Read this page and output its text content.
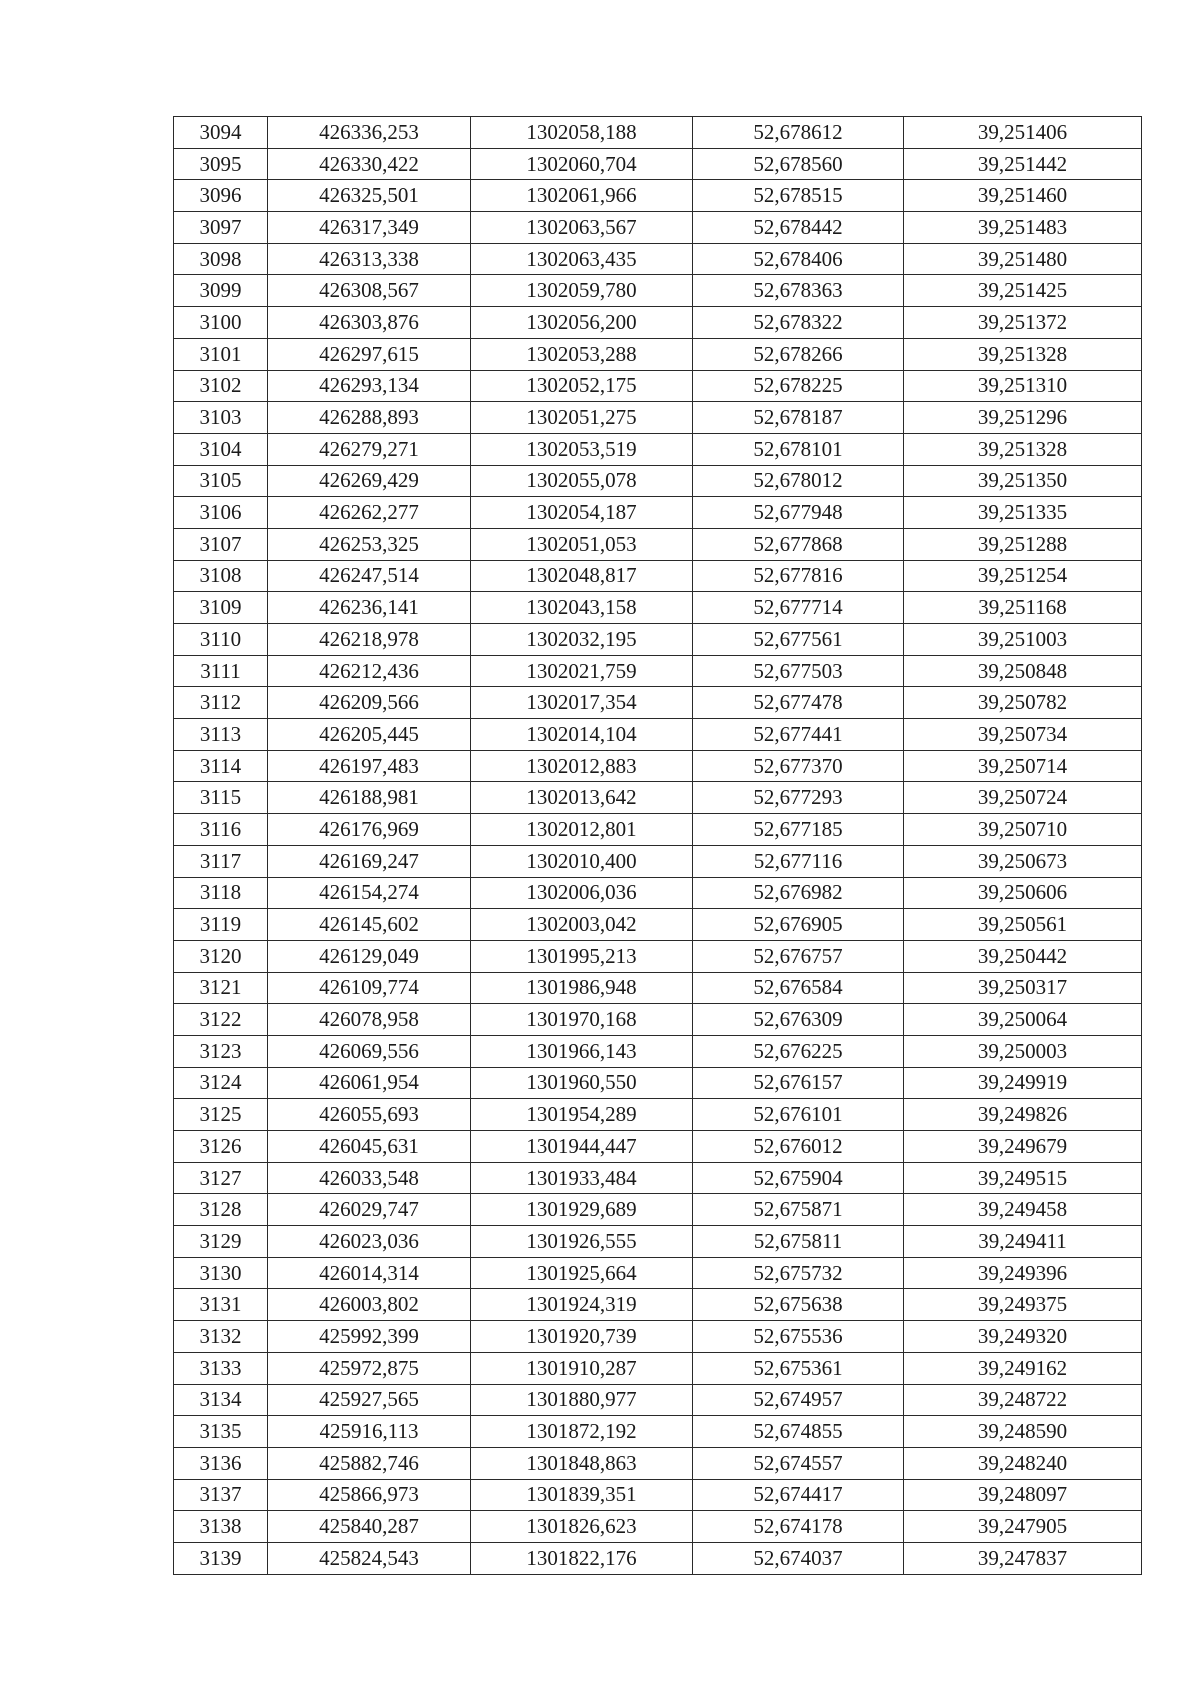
3094	426336,253	1302058,188	52,678612	39,251406
3095	426330,422	1302060,704	52,678560	39,251442
3096	426325,501	1302061,966	52,678515	39,251460
3097	426317,349	1302063,567	52,678442	39,251483
3098	426313,338	1302063,435	52,678406	39,251480
3099	426308,567	1302059,780	52,678363	39,251425
3100	426303,876	1302056,200	52,678322	39,251372
3101	426297,615	1302053,288	52,678266	39,251328
3102	426293,134	1302052,175	52,678225	39,251310
3103	426288,893	1302051,275	52,678187	39,251296
3104	426279,271	1302053,519	52,678101	39,251328
3105	426269,429	1302055,078	52,678012	39,251350
3106	426262,277	1302054,187	52,677948	39,251335
3107	426253,325	1302051,053	52,677868	39,251288
3108	426247,514	1302048,817	52,677816	39,251254
3109	426236,141	1302043,158	52,677714	39,251168
3110	426218,978	1302032,195	52,677561	39,251003
3111	426212,436	1302021,759	52,677503	39,250848
3112	426209,566	1302017,354	52,677478	39,250782
3113	426205,445	1302014,104	52,677441	39,250734
3114	426197,483	1302012,883	52,677370	39,250714
3115	426188,981	1302013,642	52,677293	39,250724
3116	426176,969	1302012,801	52,677185	39,250710
3117	426169,247	1302010,400	52,677116	39,250673
3118	426154,274	1302006,036	52,676982	39,250606
3119	426145,602	1302003,042	52,676905	39,250561
3120	426129,049	1301995,213	52,676757	39,250442
3121	426109,774	1301986,948	52,676584	39,250317
3122	426078,958	1301970,168	52,676309	39,250064
3123	426069,556	1301966,143	52,676225	39,250003
3124	426061,954	1301960,550	52,676157	39,249919
3125	426055,693	1301954,289	52,676101	39,249826
3126	426045,631	1301944,447	52,676012	39,249679
3127	426033,548	1301933,484	52,675904	39,249515
3128	426029,747	1301929,689	52,675871	39,249458
3129	426023,036	1301926,555	52,675811	39,249411
3130	426014,314	1301925,664	52,675732	39,249396
3131	426003,802	1301924,319	52,675638	39,249375
3132	425992,399	1301920,739	52,675536	39,249320
3133	425972,875	1301910,287	52,675361	39,249162
3134	425927,565	1301880,977	52,674957	39,248722
3135	425916,113	1301872,192	52,674855	39,248590
3136	425882,746	1301848,863	52,674557	39,248240
3137	425866,973	1301839,351	52,674417	39,248097
3138	425840,287	1301826,623	52,674178	39,247905
3139	425824,543	1301822,176	52,674037	39,247837
